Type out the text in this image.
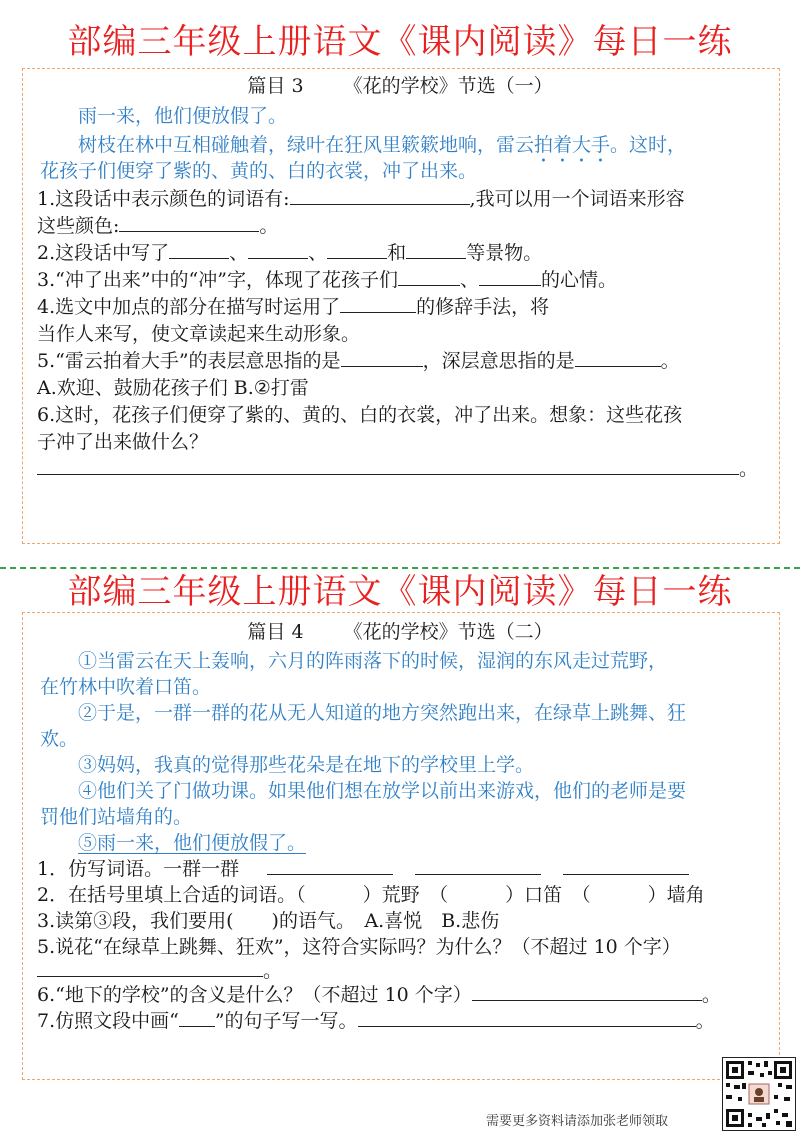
部编三年级上册语文《课内阅读》每日一练
篇目 3 《花的学校》节选（一）
雨一来，他们便放假了。
树枝在林中互相碰触着，绿叶在狂风里簌簌地响，雷云拍着大手。这时，
花孩子们便穿了紫的、黄的、白的衣裳，冲了出来。
1.这段话中表示颜色的词语有:	,我可以用一个词语来形容
这些颜色:	。
2.这段话中写了	、	、	和	等景物。
3.“冲了出来”中的“冲”字，体现了花孩子们	、	的心情。
4.选文中加点的部分在描写时运用了	的修辞手法，将
当作人来写，使文章读起来生动形象。
5.“雷云拍着大手”的表层意思指的是	，深层意思指的是	。
A.欢迎、鼓励花孩子们 B.②打雷
6.这时，花孩子们便穿了紫的、黄的、白的衣裳，冲了出来。想象：这些花孩
子冲了出来做什么？
。
部编三年级上册语文《课内阅读》每日一练
篇目 4 《花的学校》节选（二）
①当雷云在天上轰响，六月的阵雨落下的时候，湿润的东风走过荒野，
在竹林中吹着口笛。
②于是，一群一群的花从无人知道的地方突然跑出来，在绿草上跳舞、狂
欢。
③妈妈，我真的觉得那些花朵是在地下的学校里上学。
④他们关了门做功课。如果他们想在放学以前出来游戏，他们的老师是要
罚他们站墙角的。
⑤雨一来，他们便放假了。
1．仿写词语。一群一群
2．在括号里填上合适的词语。（　　　）荒野　（　　　）口笛　（　　　）墙角
3.读第③段，我们要用(　　)的语气。　A.喜悦　B.悲伤
5.说花“在绿草上跳舞、狂欢”，这符合实际吗？为什么？（不超过 10 个字）
。
6.“地下的学校”的含义是什么？（不超过 10 个字）	。
7.仿照文段中画“ ”的句子写一写。	。
需要更多资料请添加张老师领取
